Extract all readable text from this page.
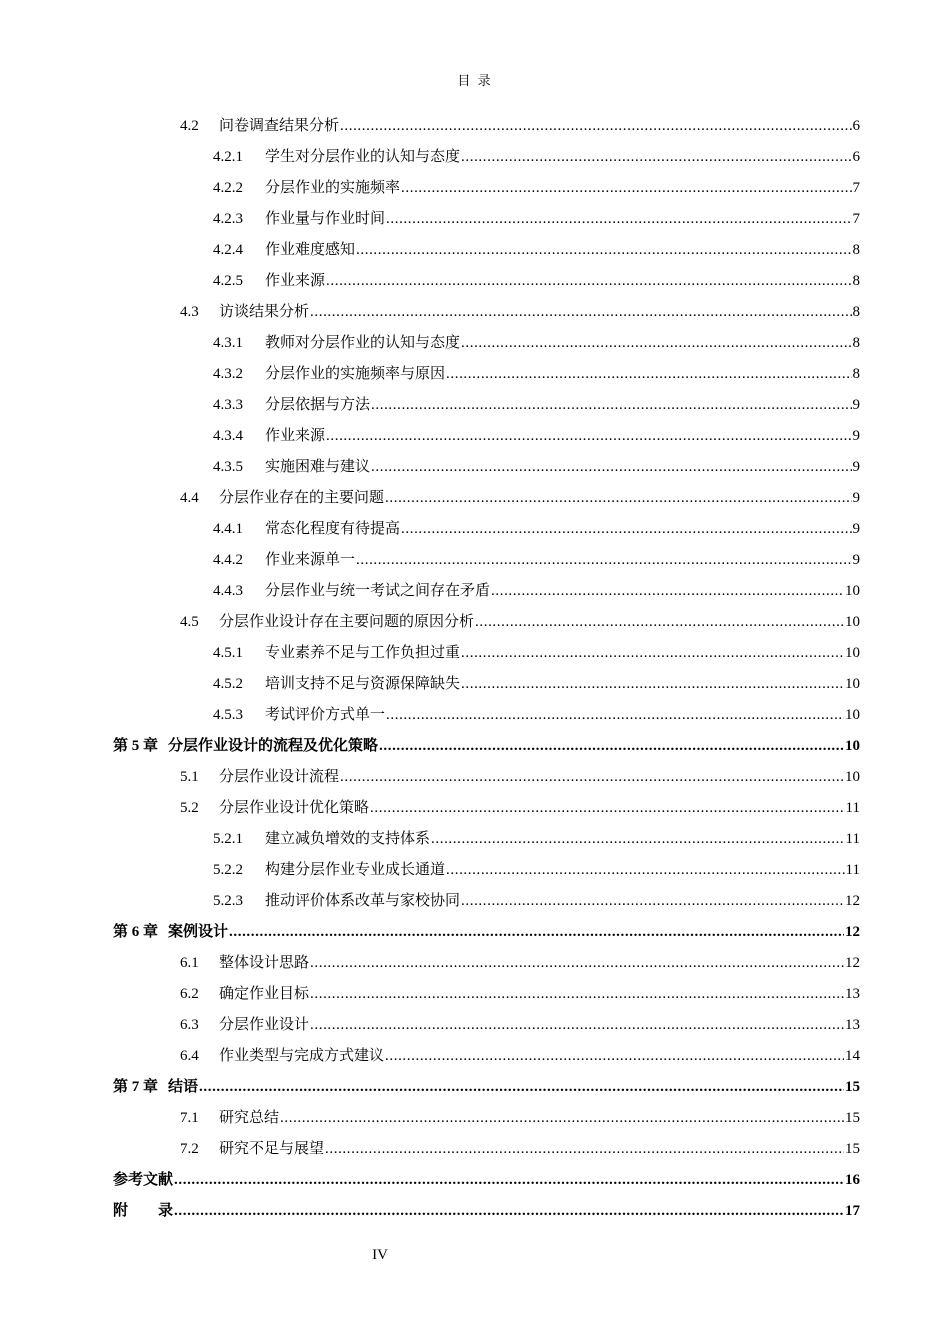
目 录
4.2	问卷调查结果分析 .....	6
4.2.1	学生对分层作业的认知与态度 .....	6
4.2.2	分层作业的实施频率 .....	7
4.2.3	作业量与作业时间 .....	7
4.2.4	作业难度感知 .....	8
4.2.5	作业来源 .....	8
4.3	访谈结果分析 .....	8
4.3.1	教师对分层作业的认知与态度 .....	8
4.3.2	分层作业的实施频率与原因 .....	8
4.3.3	分层依据与方法 .....	9
4.3.4	作业来源 .....	9
4.3.5	实施困难与建议 .....	9
4.4	分层作业存在的主要问题 .....	9
4.4.1	常态化程度有待提高 .....	9
4.4.2	作业来源单一 .....	9
4.4.3	分层作业与统一考试之间存在矛盾 .....	10
4.5	分层作业设计存在主要问题的原因分析 .....	10
4.5.1	专业素养不足与工作负担过重 .....	10
4.5.2	培训支持不足与资源保障缺失 .....	10
4.5.3	考试评价方式单一 .....	10
第 5 章 分层作业设计的流程及优化策略 .....	10
5.1	分层作业设计流程 .....	10
5.2	分层作业设计优化策略 .....	11
5.2.1	建立减负增效的支持体系 .....	11
5.2.2	构建分层作业专业成长通道 .....	11
5.2.3	推动评价体系改革与家校协同 .....	12
第 6 章 案例设计 .....	12
6.1	整体设计思路 .....	12
6.2	确定作业目标 .....	13
6.3	分层作业设计 .....	13
6.4	作业类型与完成方式建议 .....	14
第 7 章 结语 .....	15
7.1	研究总结 .....	15
7.2	研究不足与展望 .....	15
参考文献 .....	16
附　　录 .....	17
IV
